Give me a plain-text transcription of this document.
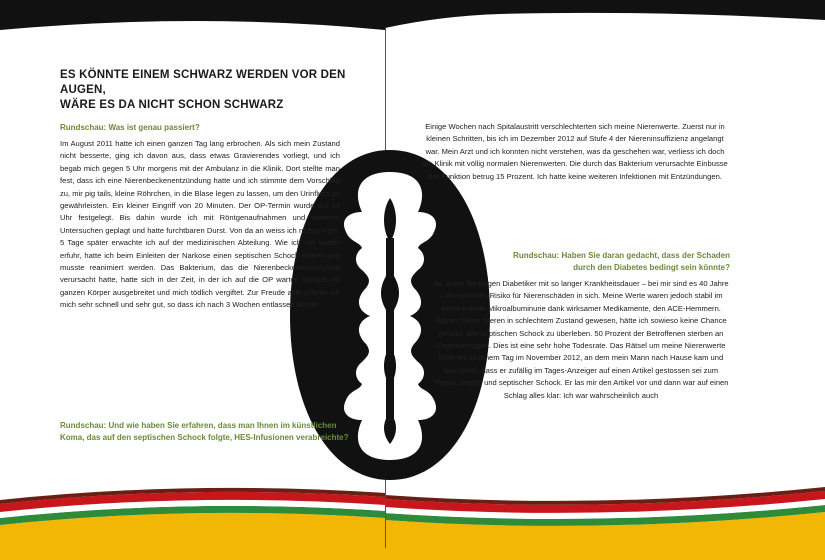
ES KÖNNTE EINEM SCHWARZ WERDEN VOR DEN AUGEN,
WÄRE ES DA NICHT SCHON SCHWARZ

Rundschau: Was ist genau passiert?

Im August 2011 hatte ich einen ganzen Tag lang erbrochen. Als sich mein Zustand nicht besserte, ging ich davon aus, dass etwas Gravierendes vorliegt, und ich begab mich gegen 5 Uhr morgens mit der Ambulanz in die Klinik. Dort stellte man fest, dass ich eine Nierenbeckenentzündung hatte und ich stimmte dem Vorschlag zu, mir pig tails, kleine Röhrchen, in die Blase legen zu lassen, um den Urinfluss zu gewährleisten. Ein kleiner Eingriff von 20 Minuten. Der OP-Termin wurde auf 14 Uhr festgelegt. Bis dahin wurde ich mit Röntgenaufnahmen und weiteren Untersuchen geplagt und hatte furchtbaren Durst. Von da an weiss ich nichts mehr. 5 Tage später erwachte ich auf der medizinischen Abteilung. Wie ich viel später erfuhr, hatte ich beim Einleiten der Narkose einen septischen Schock erlitten und musste reanimiert werden. Das Bakterium, das die Nierenbeckenentzündung verursacht hatte, hatte sich in der Zeit, in der ich auf die OP warten musste, im ganzen Körper ausgebreitet und mich tödlich vergiftet. Zur Freude aller erholte ich mich sehr schnell und sehr gut, so dass ich nach 3 Wochen entlassen wurde.

Rundschau: Und wie haben Sie erfahren, dass man Ihnen im künstlichen Koma, das auf den septischen Schock folgte, HES-Infusionen verabreichte?

Einige Wochen nach Spitalaustritt verschlechterten sich meine Nierenwerte. Zuerst nur in kleinen Schritten, bis ich im Dezember 2012 auf Stufe 4 der Niereninsuffizienz angelangt war. Mein Arzt und ich konnten nicht verstehen, was da geschehen war, verliess ich doch die Klinik mit völlig normalen Nierenwerten. Die durch das Bakterium verursachte Einbusse der Funktion betrug 15 Prozent. Ich hatte keine weiteren Infektionen mit Entzündungen.

Rundschau: Haben Sie daran gedacht, dass der Schaden durch den Diabetes bedingt sein könnte?

Ja, in der Tat tragen Diabetiker mit so langer Krankheitsdauer – bei mir sind es 40 Jahre – ein erhöhtes Risiko für Nierenschäden in sich. Meine Werte waren jedoch stabil im Bereich einer Mikroalbuminurie dank wirksamer Medikamente, den ACE-Hemmern. Wären meine Nieren in schlechtem Zustand gewesen, hätte ich sowieso keine Chance gehabt, den septischen Schock zu überleben. 50 Prozent der Betroffenen sterben an Organversagen. Dies ist eine sehr hohe Todesrate. Das Rätsel um meine Nierenwerte blieb bis zu jenem Tag im November 2012, an dem mein Mann nach Hause kam und berichtete, dass er zufällig im Tages-Anzeiger auf einen Artikel gestossen sei zum Thema Sepsis und septischer Schock. Er las mir den Artikel vor und dann war auf einen Schlag alles klar: Ich war wahrscheinlich auch
